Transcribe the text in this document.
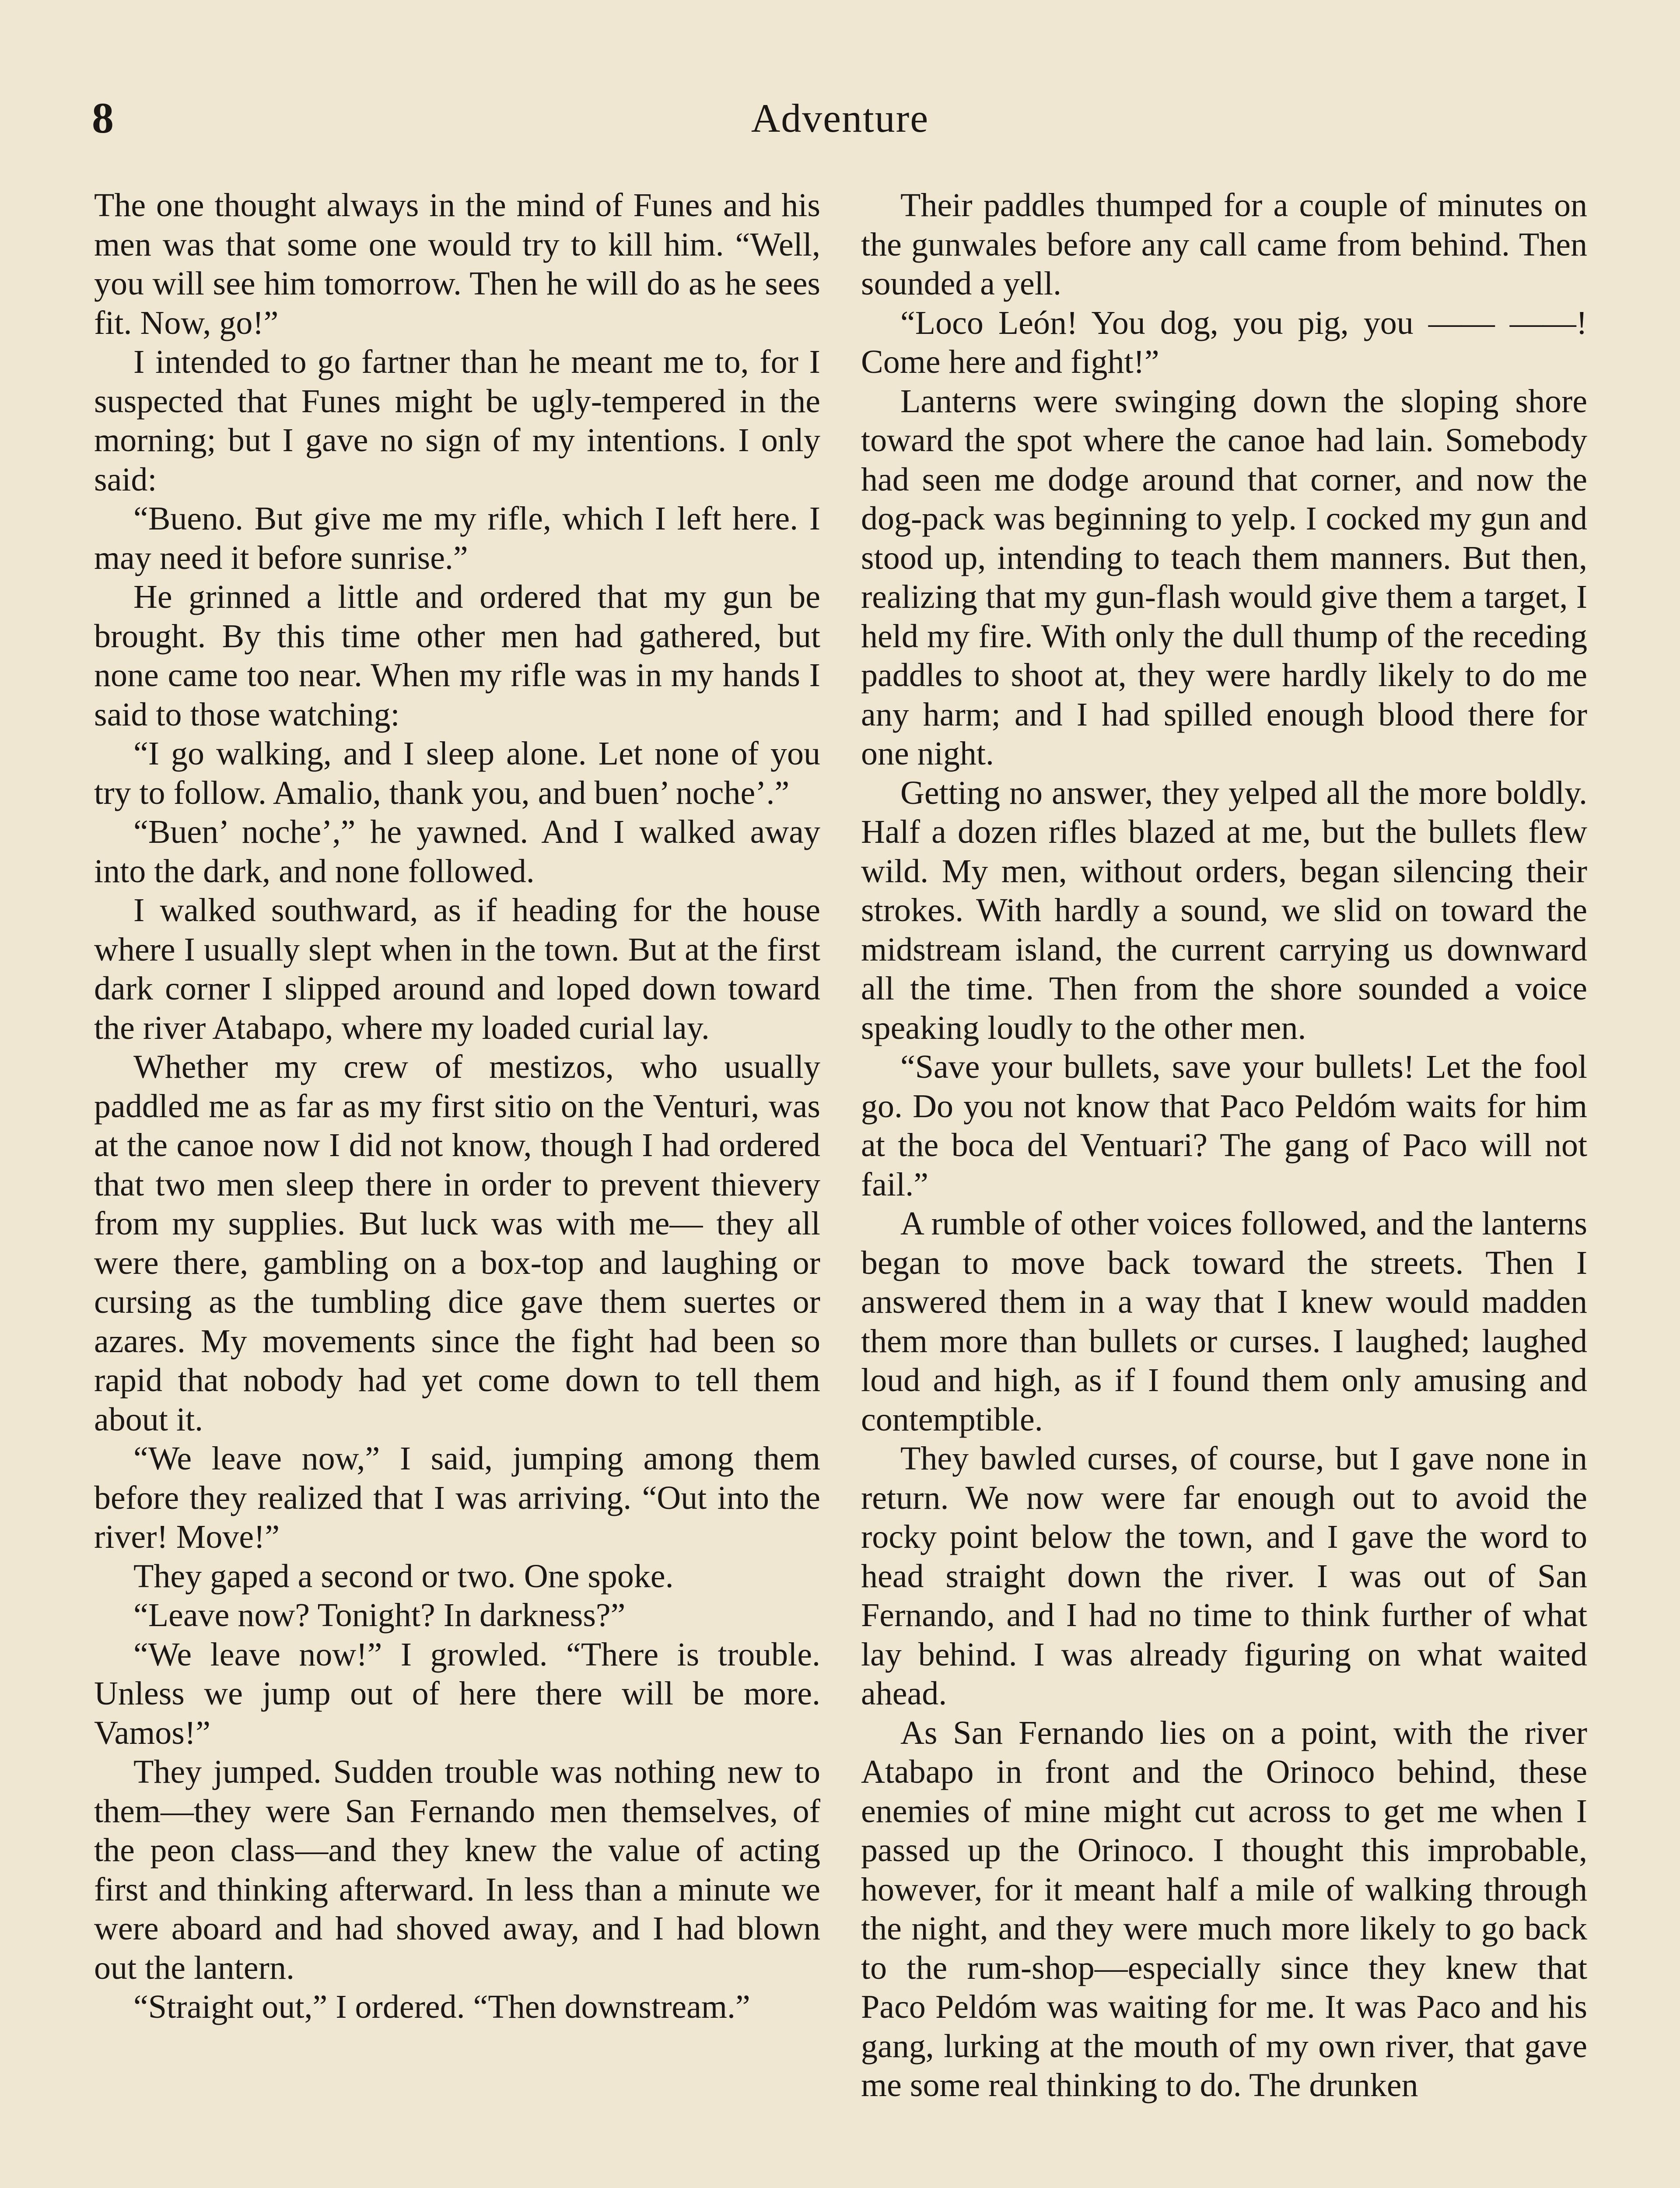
8	Adventure

The one thought always in the mind of Funes and his men was that some one would try to kill him. “Well, you will see him tomorrow. Then he will do as he sees fit. Now, go!”

I intended to go fartner than he meant me to, for I suspected that Funes might be ugly-tempered in the morning; but I gave no sign of my intentions. I only said:

“Bueno. But give me my rifle, which I left here. I may need it before sunrise.”

He grinned a little and ordered that my gun be brought. By this time other men had gathered, but none came too near. When my rifle was in my hands I said to those watching:

“I go walking, and I sleep alone. Let none of you try to follow. Amalio, thank you, and buen’ noche’.”

“Buen’ noche’,” he yawned. And I walked away into the dark, and none followed.

I walked southward, as if heading for the house where I usually slept when in the town. But at the first dark corner I slipped around and loped down toward the river Atabapo, where my loaded curial lay.

Whether my crew of mestizos, who usually paddled me as far as my first sitio on the Venturi, was at the canoe now I did not know, though I had ordered that two men sleep there in order to prevent thievery from my supplies. But luck was with me— they all were there, gambling on a box-top and laughing or cursing as the tumbling dice gave them suertes or azares. My movements since the fight had been so rapid that nobody had yet come down to tell them about it.

“We leave now,” I said, jumping among them before they realized that I was arriving. “Out into the river! Move!”

They gaped a second or two. One spoke.

“Leave now? Tonight? In darkness?”

“We leave now!” I growled. “There is trouble. Unless we jump out of here there will be more. Vamos!”

They jumped. Sudden trouble was nothing new to them—they were San Fernando men themselves, of the peon class—and they knew the value of acting first and thinking afterward. In less than a minute we were aboard and had shoved away, and I had blown out the lantern.

“Straight out,” I ordered. “Then downstream.”

Their paddles thumped for a couple of minutes on the gunwales before any call came from behind. Then sounded a yell.

“Loco León! You dog, you pig, you —— ——! Come here and fight!”

Lanterns were swinging down the sloping shore toward the spot where the canoe had lain. Somebody had seen me dodge around that corner, and now the dog-pack was beginning to yelp. I cocked my gun and stood up, intending to teach them manners. But then, realizing that my gun-flash would give them a target, I held my fire. With only the dull thump of the receding paddles to shoot at, they were hardly likely to do me any harm; and I had spilled enough blood there for one night.

Getting no answer, they yelped all the more boldly. Half a dozen rifles blazed at me, but the bullets flew wild. My men, without orders, began silencing their strokes. With hardly a sound, we slid on toward the midstream island, the current carrying us downward all the time. Then from the shore sounded a voice speaking loudly to the other men.

“Save your bullets, save your bullets! Let the fool go. Do you not know that Paco Peldóm waits for him at the boca del Ventuari? The gang of Paco will not fail.”

A rumble of other voices followed, and the lanterns began to move back toward the streets. Then I answered them in a way that I knew would madden them more than bullets or curses. I laughed; laughed loud and high, as if I found them only amusing and contemptible.

They bawled curses, of course, but I gave none in return. We now were far enough out to avoid the rocky point below the town, and I gave the word to head straight down the river. I was out of San Fernando, and I had no time to think further of what lay behind. I was already figuring on what waited ahead.

As San Fernando lies on a point, with the river Atabapo in front and the Orinoco behind, these enemies of mine might cut across to get me when I passed up the Orinoco. I thought this improbable, however, for it meant half a mile of walking through the night, and they were much more likely to go back to the rum-shop—especially since they knew that Paco Peldóm was waiting for me. It was Paco and his gang, lurking at the mouth of my own river, that gave me some real thinking to do. The drunken
